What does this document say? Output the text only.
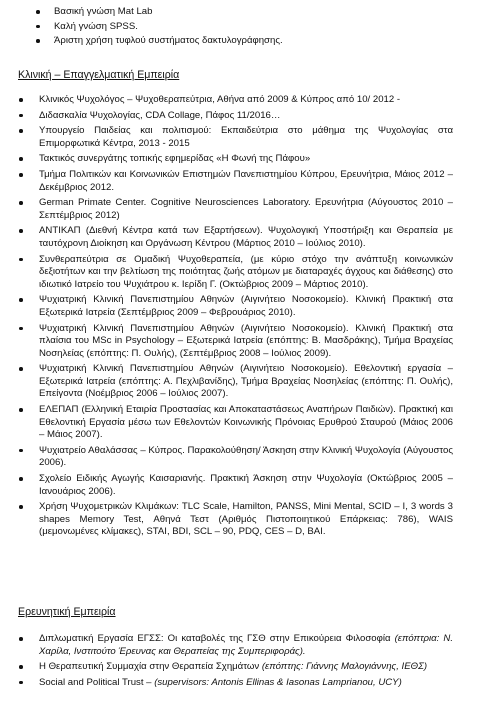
Βασική γνώση Mat Lab
Καλή γνώση SPSS.
Άριστη χρήση τυφλού συστήματος δακτυλογράφησης.
Κλινική – Επαγγελματική Εμπειρία
Κλινικός Ψυχολόγος – Ψυχοθεραπεύτρια, Αθήνα από 2009 & Κύπρος από 10/ 2012 -
Διδασκαλία Ψυχολογίας, CDA Collage, Πάφος 11/2016…
Υπουργείο Παιδείας και πολιτισμού: Εκπαιδεύτρια στο μάθημα της Ψυχολογίας στα Επιμορφωτικά Κέντρα, 2013 - 2015
Τακτικός συνεργάτης τοπικής εφημερίδας «Η Φωνή της Πάφου»
Τμήμα Πολιτικών και Κοινωνικών Επιστημών Πανεπιστημίου Κύπρου, Ερευνήτρια, Μάιος 2012 – Δεκέμβριος 2012.
German Primate Center. Cognitive Neurosciences Laboratory. Ερευνήτρια (Αύγουστος 2010 – Σεπτέμβριος 2012)
ΑΝΤΙΚΑΠ (Διεθνή Κέντρα κατά των Εξαρτήσεων). Ψυχολογική Υποστήριξη και Θεραπεία με ταυτόχρονη Διοίκηση και Οργάνωση Κέντρου (Μάρτιος 2010 – Ιούλιος 2010).
Συνθεραπεύτρια σε Ομαδική Ψυχοθεραπεία, (με κύριο στόχο την ανάπτυξη κοινωνικών δεξιοτήτων και την βελτίωση της ποιότητας ζωής ατόμων με διαταραχές άγχους και διάθεσης) στο ιδιωτικό Ιατρείο του Ψυχιάτρου κ. Ιερίδη Γ. (Οκτώβριος 2009 – Μάρτιος 2010).
Ψυχιατρική Κλινική Πανεπιστημίου Αθηνών (Αιγινήτειο Νοσοκομείο). Κλινική Πρακτική στα Εξωτερικά Ιατρεία (Σεπτέμβριος 2009 – Φεβρουάριος 2010).
Ψυχιατρική Κλινική Πανεπιστημίου Αθηνών (Αιγινήτειο Νοσοκομείο). Κλινική Πρακτική στα πλαίσια του MSc in Psychology – Εξωτερικά Ιατρεία (επόπτης: Β. Μασδράκης), Τμήμα Βραχείας Νοσηλείας (επόπτης: Π. Ουλής), (Σεπτέμβριος 2008 – Ιούλιος 2009).
Ψυχιατρική Κλινική Πανεπιστημίου Αθηνών (Αιγινήτειο Νοσοκομείο). Εθελοντική εργασία – Εξωτερικά Ιατρεία (επόπτης: Α. Πεχλιβανίδης), Τμήμα Βραχείας Νοσηλείας (επόπτης: Π. Ουλής), Επείγοντα (Νοέμβριος 2006 – Ιούλιος 2007).
ΕΛΕΠΑΠ (Ελληνική Εταιρία Προστασίας και Αποκαταστάσεως Αναπήρων Παιδιών). Πρακτική και Εθελοντική Εργασία μέσω των Εθελοντών Κοινωνικής Πρόνοιας Ερυθρού Σταυρού (Μάιος 2006 – Μάιος 2007).
Ψυχιατρείο Αθαλάσσας – Κύπρος. Παρακολούθηση/ Άσκηση στην Κλινική Ψυχολογία (Αύγουστος 2006).
Σχολείο Ειδικής Αγωγής Καισαριανής. Πρακτική Άσκηση στην Ψυχολογία (Οκτώβριος 2005 – Ιανουάριος 2006).
Χρήση Ψυχομετρικών Κλιμάκων: TLC Scale, Hamilton, PANSS, Mini Mental, SCID – I, 3 words 3 shapes Memory Test, Αθηνά Τεστ (Αριθμός Πιστοποιητικού Επάρκειας: 786), WAIS (μεμονωμένες κλίμακες), STAI, BDI, SCL – 90, PDQ, CES – D, BAI.
Ερευνητική Εμπειρία
Διπλωματική Εργασία ΕΓΣΣ: Οι καταβολές της ΓΣΘ στην Επικούρεια Φιλοσοφία (επόπτρια: Ν. Χαρίλα, Ινστιτούτο Έρευνας και Θεραπείας της Συμπεριφοράς).
Η Θεραπευτική Συμμαχία στην Θεραπεία Σχημάτων (επόπτης: Γιάννης Μαλογιάννης, ΙΕΘΣ)
Social and Political Trust – (supervisors: Antonis Ellinas & Iasonas Lamprianou, UCY)
